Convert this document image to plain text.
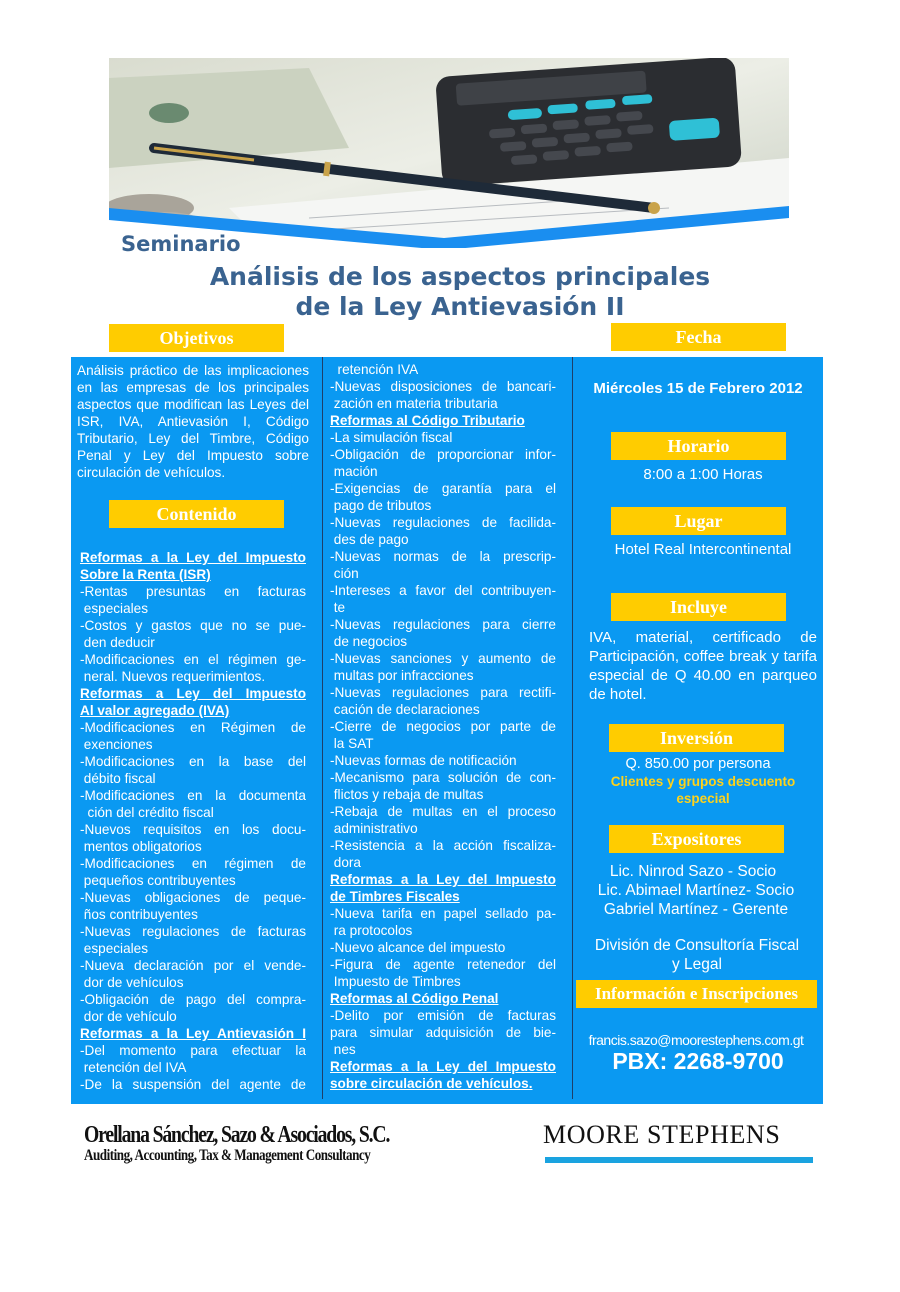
Seminario
Análisis de los aspectos principales
de la Ley Antievasión II
Objetivos	Fecha
Análisis práctico de las implicaciones en las empresas de los principales aspectos que modifican las Leyes del ISR, IVA, Antievasión I, Código Tributario, Ley del Timbre, Código Penal y Ley del Impuesto sobre circulación de vehículos.
Contenido
Reformas a la Ley del Impuesto
Sobre la Renta (ISR)
-Rentas presuntas en facturas
especiales
-Costos y gastos que no se pue-
den deducir
-Modificaciones en el régimen ge-
neral. Nuevos requerimientos.
Reformas a Ley del Impuesto
Al valor agregado (IVA)
-Modificaciones en Régimen de
exenciones
-Modificaciones en la base del
débito fiscal
-Modificaciones en la documenta
ción del crédito fiscal
-Nuevos requisitos en los docu-
mentos obligatorios
-Modificaciones en régimen de
pequeños contribuyentes
-Nuevas obligaciones de peque-
ños contribuyentes
-Nuevas regulaciones de facturas
especiales
-Nueva declaración por el vende-
dor de vehículos
-Obligación de pago del compra-
dor de vehículo
Reformas a la Ley Antievasión I
-Del momento para efectuar la
retención del IVA
-De la suspensión del agente de
retención IVA
-Nuevas disposiciones de bancari-
zación en materia tributaria
Reformas al Código Tributario
-La simulación fiscal
-Obligación de proporcionar infor-
mación
-Exigencias de garantía para el
pago de tributos
-Nuevas regulaciones de facilida-
des de pago
-Nuevas normas de la prescrip-
ción
-Intereses a favor del contribuyen-
te
-Nuevas regulaciones para cierre
de negocios
-Nuevas sanciones y aumento de
multas por infracciones
-Nuevas regulaciones para rectifi-
cación de declaraciones
-Cierre de negocios por parte de
la SAT
-Nuevas formas de notificación
-Mecanismo para solución de con-
flictos y rebaja de multas
-Rebaja de multas en el proceso
administrativo
-Resistencia a la acción fiscaliza-
dora
Reformas a la Ley del Impuesto
de Timbres Fiscales
-Nueva tarifa en papel sellado pa-
ra protocolos
-Nuevo alcance del impuesto
-Figura de agente retenedor del
Impuesto de Timbres
Reformas al Código Penal
-Delito por emisión de facturas
para simular adquisición de bie-
nes
Reformas a la Ley del Impuesto
sobre circulación de vehículos.
Miércoles 15 de Febrero 2012
Horario
8:00 a 1:00 Horas
Lugar
Hotel Real Intercontinental
Incluye
IVA, material, certificado de Participación, coffee break y tarifa especial de Q 40.00 en parqueo de hotel.
Inversión
Q. 850.00 por persona
Clientes y grupos descuento
especial
Expositores
Lic. Ninrod Sazo - Socio
Lic. Abimael Martínez- Socio
Gabriel Martínez - Gerente
División de Consultoría Fiscal
y Legal
Información e Inscripciones
francis.sazo@moorestephens.com.gt
PBX: 2268-9700
Orellana Sánchez, Sazo & Asociados, S.C.
Auditing, Accounting, Tax & Management Consultancy
MOORE STEPHENS
